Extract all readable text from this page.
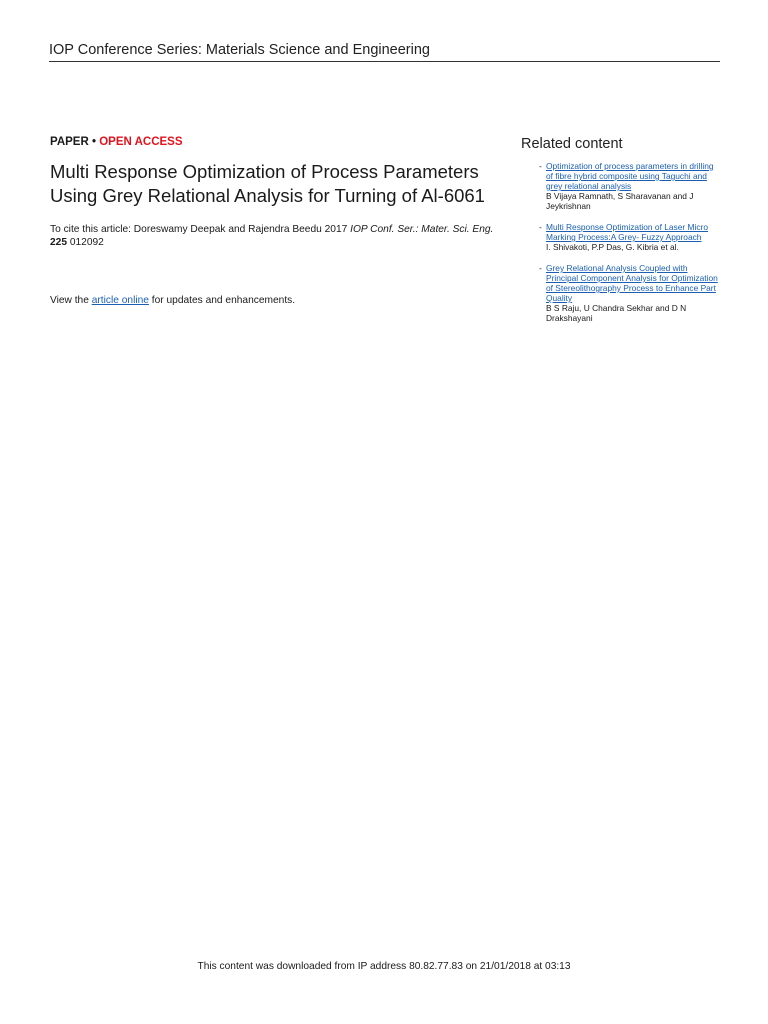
IOP Conference Series: Materials Science and Engineering
PAPER • OPEN ACCESS
Multi Response Optimization of Process Parameters Using Grey Relational Analysis for Turning of Al-6061
To cite this article: Doreswamy Deepak and Rajendra Beedu 2017 IOP Conf. Ser.: Mater. Sci. Eng.
225 012092
View the article online for updates and enhancements.
Related content
- Optimization of process parameters in drilling of fibre hybrid composite using Taguchi and grey relational analysis
B Vijaya Ramnath, S Sharavanan and J Jeykrishnan
- Multi Response Optimization of Laser Micro Marking Process:A Grey- Fuzzy Approach
I. Shivakoti, P.P Das, G. Kibria et al.
- Grey Relational Analysis Coupled with Principal Component Analysis for Optimization of Stereolithography Process to Enhance Part Quality
B S Raju, U Chandra Sekhar and D N Drakshayani
This content was downloaded from IP address 80.82.77.83 on 21/01/2018 at 03:13
